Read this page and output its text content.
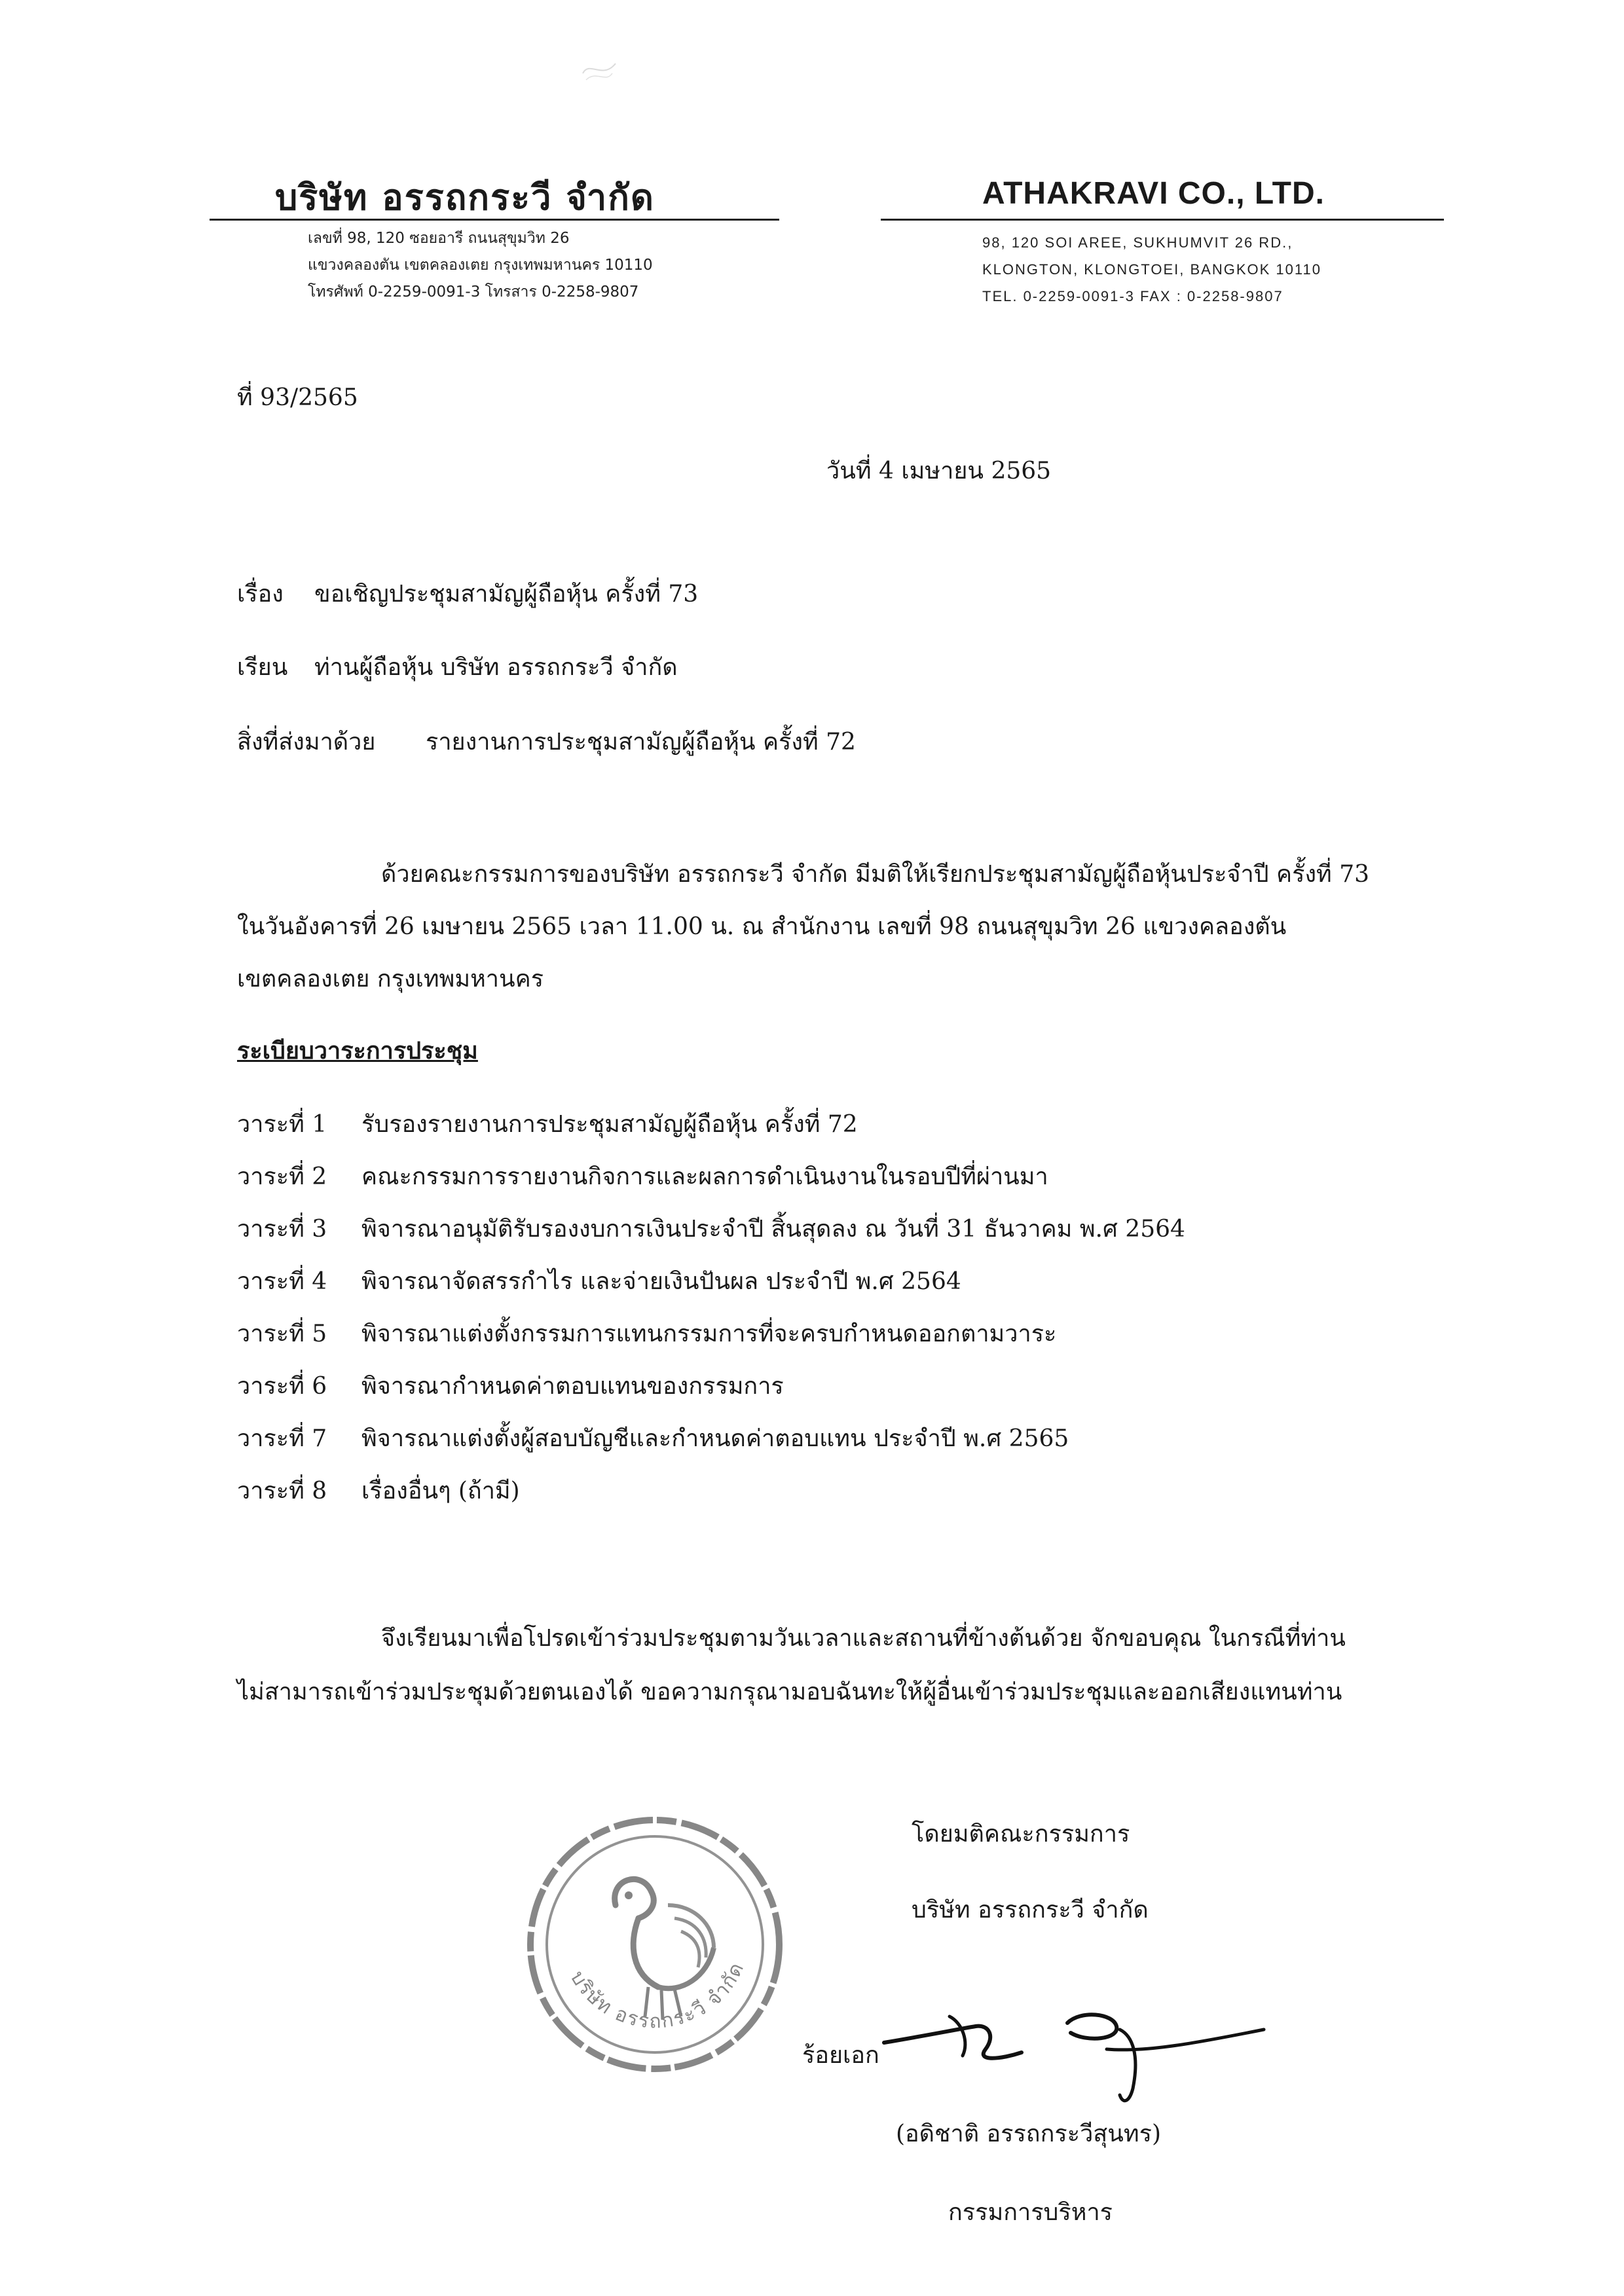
บริษัท อรรถกระวี จำกัด
เลขที่ 98, 120 ซอยอารี ถนนสุขุมวิท 26
แขวงคลองตัน เขตคลองเตย กรุงเทพมหานคร 10110
โทรศัพท์ 0-2259-0091-3 โทรสาร 0-2258-9807
ATHAKRAVI CO., LTD.
98, 120 SOI AREE, SUKHUMVIT 26 RD.,
KLONGTON, KLONGTOEI, BANGKOK 10110
TEL. 0-2259-0091-3 FAX : 0-2258-9807
ที่ 93/2565
วันที่ 4 เมษายน 2565
เรื่อง ขอเชิญประชุมสามัญผู้ถือหุ้น ครั้งที่ 73
เรียน ท่านผู้ถือหุ้น บริษัท อรรถกระวี จำกัด
สิ่งที่ส่งมาด้วย รายงานการประชุมสามัญผู้ถือหุ้น ครั้งที่ 72
ด้วยคณะกรรมการของบริษัท อรรถกระวี จำกัด มีมติให้เรียกประชุมสามัญผู้ถือหุ้นประจำปี ครั้งที่ 73
ในวันอังคารที่ 26 เมษายน 2565 เวลา 11.00 น. ณ สำนักงาน เลขที่ 98 ถนนสุขุมวิท 26 แขวงคลองตัน
เขตคลองเตย กรุงเทพมหานคร
ระเบียบวาระการประชุม
วาระที่ 1 รับรองรายงานการประชุมสามัญผู้ถือหุ้น ครั้งที่ 72
วาระที่ 2 คณะกรรมการรายงานกิจการและผลการดำเนินงานในรอบปีที่ผ่านมา
วาระที่ 3 พิจารณาอนุมัติรับรองงบการเงินประจำปี สิ้นสุดลง ณ วันที่ 31 ธันวาคม พ.ศ 2564
วาระที่ 4 พิจารณาจัดสรรกำไร และจ่ายเงินปันผล ประจำปี พ.ศ 2564
วาระที่ 5 พิจารณาแต่งตั้งกรรมการแทนกรรมการที่จะครบกำหนดออกตามวาระ
วาระที่ 6 พิจารณากำหนดค่าตอบแทนของกรรมการ
วาระที่ 7 พิจารณาแต่งตั้งผู้สอบบัญชีและกำหนดค่าตอบแทน ประจำปี พ.ศ 2565
วาระที่ 8 เรื่องอื่นๆ (ถ้ามี)
จึงเรียนมาเพื่อโปรดเข้าร่วมประชุมตามวันเวลาและสถานที่ข้างต้นด้วย จักขอบคุณ ในกรณีที่ท่าน
ไม่สามารถเข้าร่วมประชุมด้วยตนเองได้ ขอความกรุณามอบฉันทะให้ผู้อื่นเข้าร่วมประชุมและออกเสียงแทนท่าน
บริษัท อรรถกระวี จำกัด
โดยมติคณะกรรมการ
บริษัท อรรถกระวี จำกัด
ร้อยเอก
(อดิชาติ อรรถกระวีสุนทร)
กรรมการบริหาร
